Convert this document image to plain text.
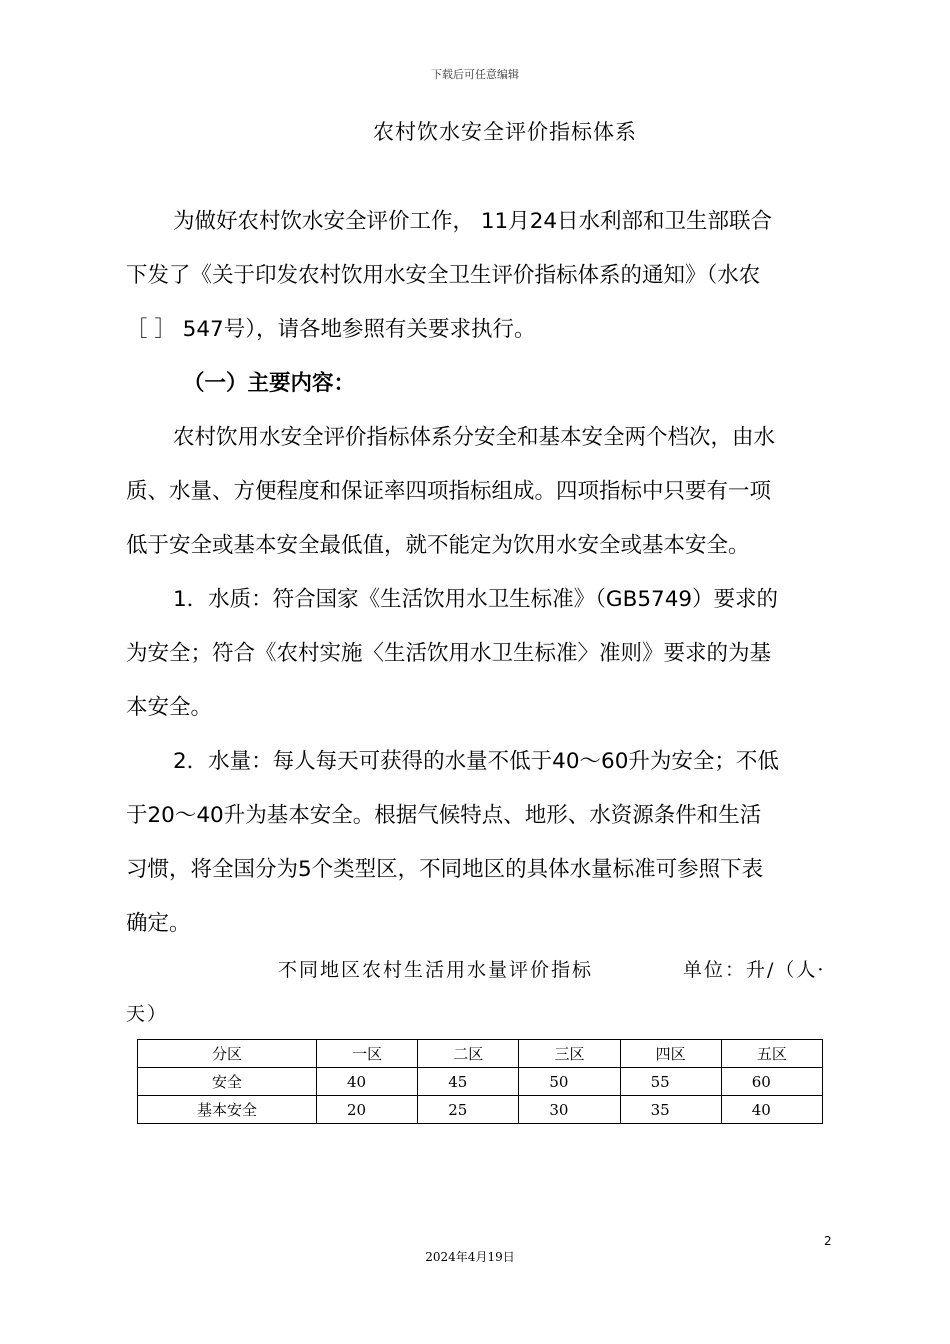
下载后可任意编辑
农村饮水安全评价指标体系
为做好农村饮水安全评价工作， 11月24日水利部和卫生部联合
下发了《关于印发农村饮用水安全卫生评价指标体系的通知》（水农
［ ］ 547号），请各地参照有关要求执行。
（一）主要内容：
农村饮用水安全评价指标体系分安全和基本安全两个档次，由水
质、水量、方便程度和保证率四项指标组成。四项指标中只要有一项
低于安全或基本安全最低值，就不能定为饮用水安全或基本安全。
1．水质：符合国家《生活饮用水卫生标准》（GB5749）要求的
为安全；符合《农村实施〈生活饮用水卫生标准〉准则》要求的为基
本安全。
2．水量：每人每天可获得的水量不低于40～60升为安全；不低
于20～40升为基本安全。根据气候特点、地形、水资源条件和生活
习惯，将全国分为5个类型区，不同地区的具体水量标准可参照下表
确定。
不同地区农村生活用水量评价指标	单位：升/（人·
天）
分区	一区	二区	三区	四区	五区
安全	40	45	50	55	60
基本安全	20	25	30	35	40
2
2024年4月19日
